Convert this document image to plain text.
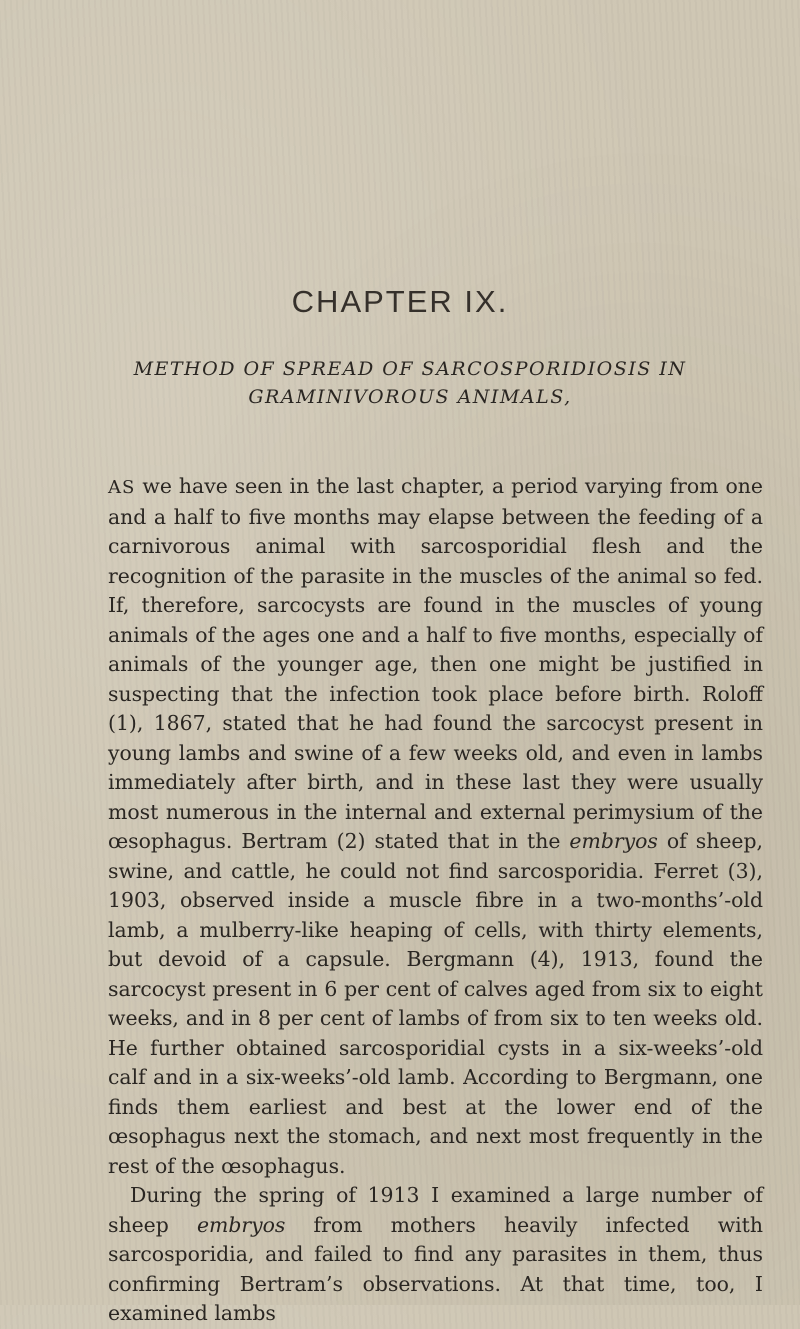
CHAPTER IX.
METHOD OF SPREAD OF SARCOSPORIDIOSIS IN GRAMINIVOROUS ANIMALS,

AS we have seen in the last chapter, a period varying from one and a half to five months may elapse between the feeding of a carnivorous animal with sarcosporidial flesh and the recognition of the parasite in the muscles of the animal so fed. If, therefore, sarcocysts are found in the muscles of young animals of the ages one and a half to five months, especially of animals of the younger age, then one might be justified in suspecting that the infection took place before birth. Roloff (1), 1867, stated that he had found the sarcocyst present in young lambs and swine of a few weeks old, and even in lambs immediately after birth, and in these last they were usually most numerous in the internal and external perimysium of the œsophagus. Bertram (2) stated that in the embryos of sheep, swine, and cattle, he could not find sarcosporidia. Ferret (3), 1903, observed inside a muscle fibre in a two-months’-old lamb, a mulberry-like heaping of cells, with thirty elements, but devoid of a capsule. Bergmann (4), 1913, found the sarcocyst present in 6 per cent of calves aged from six to eight weeks, and in 8 per cent of lambs of from six to ten weeks old. He further obtained sarcosporidial cysts in a six-weeks’-old calf and in a six-weeks’-old lamb. According to Bergmann, one finds them earliest and best at the lower end of the œsophagus next the stomach, and next most frequently in the rest of the œsophagus.

During the spring of 1913 I examined a large number of sheep embryos from mothers heavily infected with sarcosporidia, and failed to find any parasites in them, thus confirming Bertram’s observations. At that time, too, I examined lambs
